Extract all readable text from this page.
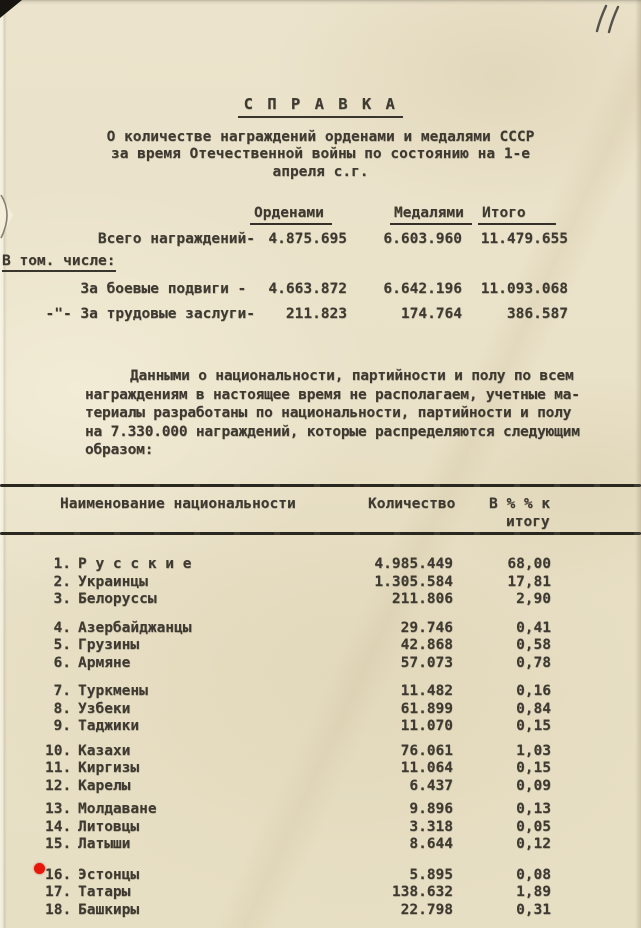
С П Р А В К А
О количестве награждений орденами и медалями СССР
за время Отечественной войны по состоянию на 1-е
апреля с.г.
Орденами	Медалями	Итого
Всего награждений- 4.875.695	6.603.960	11.479.655
В том. числе:
За боевые подвиги - 4.663.872	6.642.196	11.093.068
-"- За трудовые заслуги-	211.823	174.764	386.587
Данными о национальности, партийности и полу по всем
награждениям в настоящее время не располагаем, учетные ма-
териалы разработаны по национальности, партийности и полу
на 7.330.000 награждений, которые распределяются следующим
образом:
Наименование национальности	Количество В % % к
итогу
1. Р у с с к и е	4.985.449	68,00
2. Украинцы	1.305.584	17,81
3. Белоруссы	211.806	2,90
4. Азербайджанцы	29.746	0,41
5. Грузины	42.868	0,58
6. Армяне	57.073	0,78
7. Туркмены	11.482	0,16
8. Узбеки	61.899	0,84
9. Таджики	11.070	0,15
10. Казахи	76.061	1,03
11. Киргизы	11.064	0,15
12. Карелы	6.437	0,09
13. Молдаване	9.896	0,13
14. Литовцы	3.318	0,05
15. Латыши	8.644	0,12
16. Эстонцы	5.895	0,08
17. Татары	138.632	1,89
18. Башкиры	22.798	0,31
